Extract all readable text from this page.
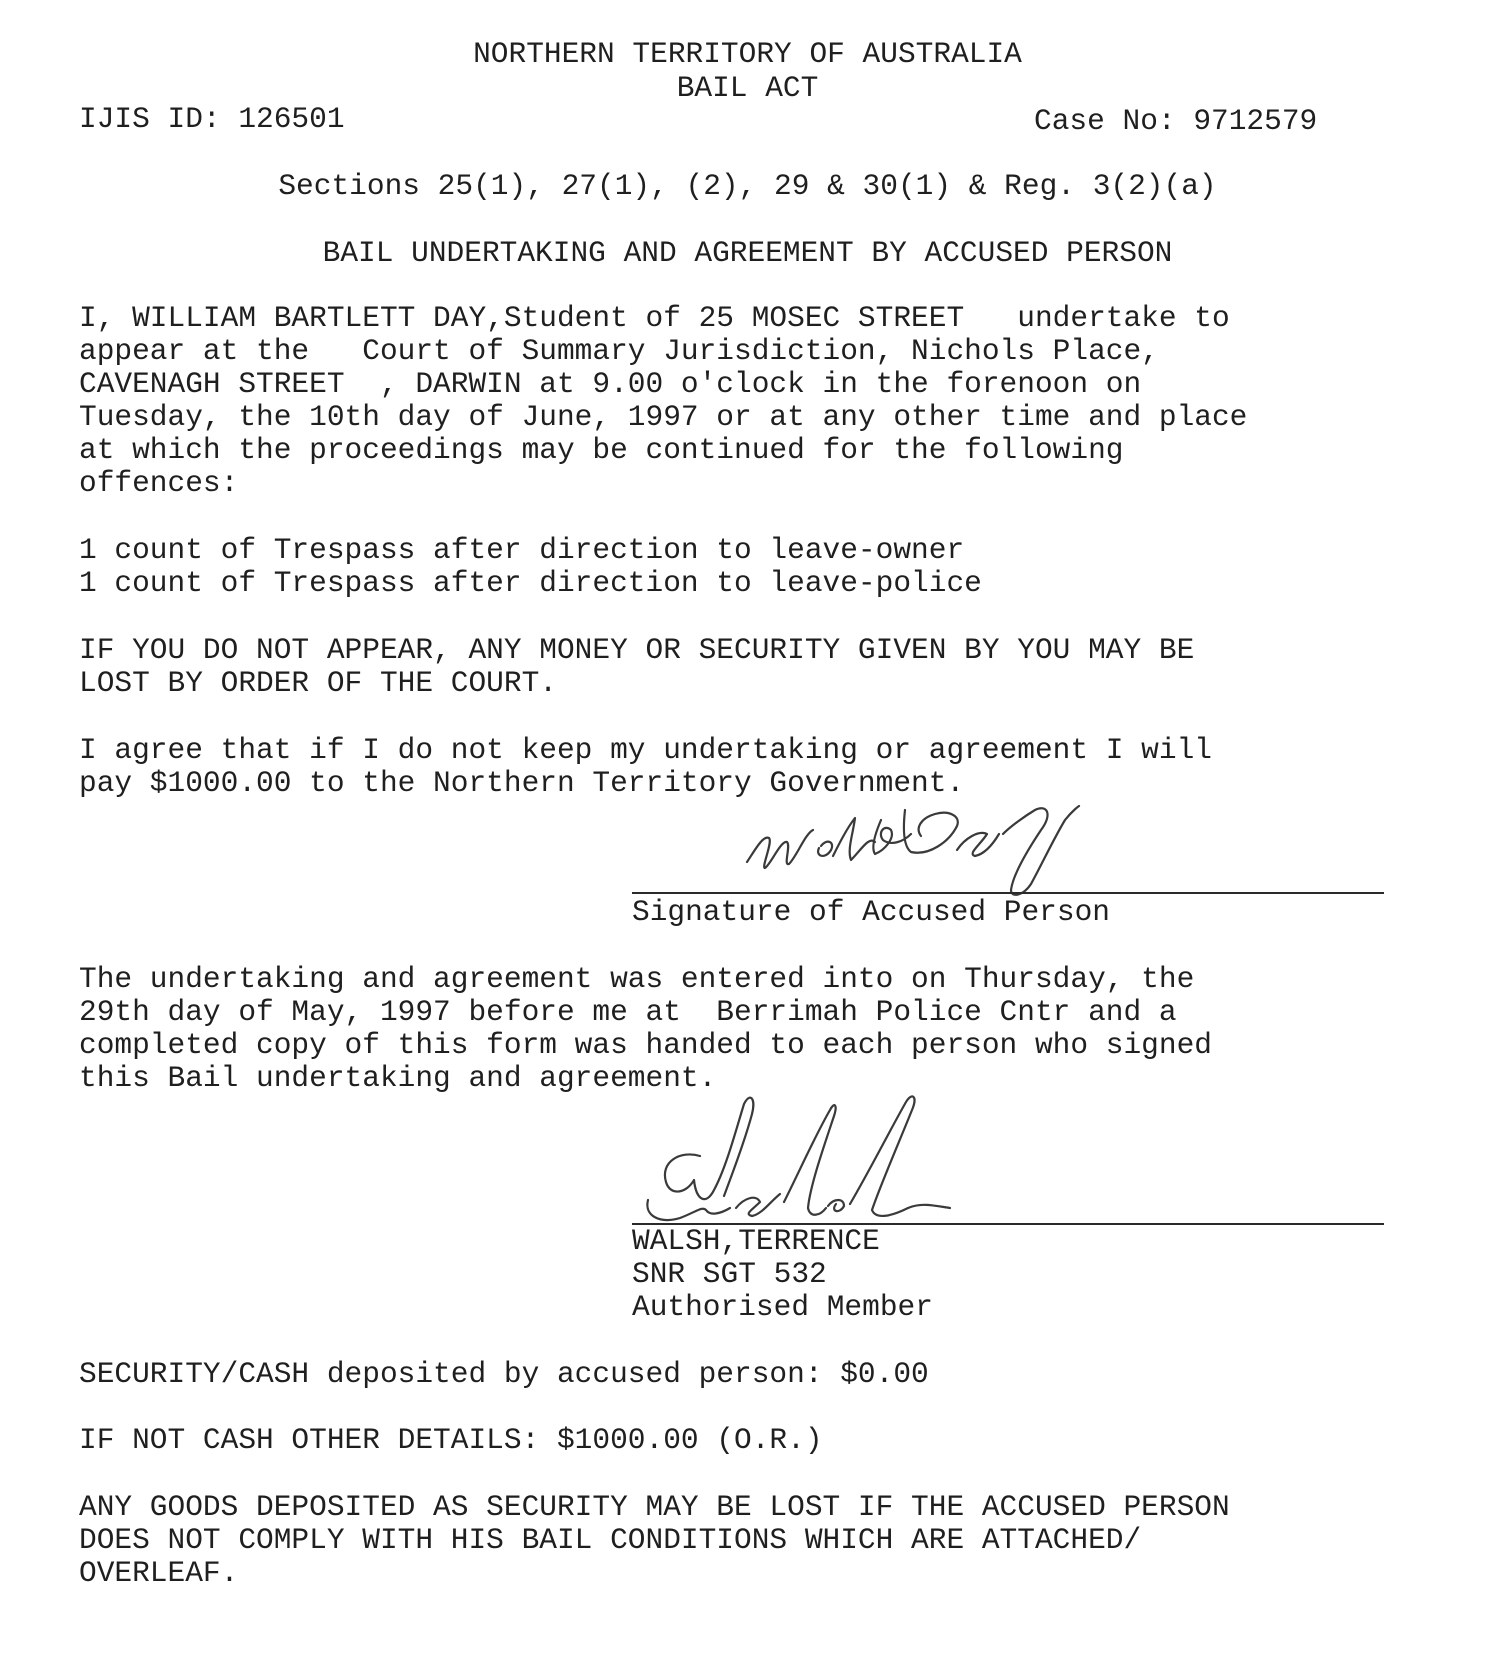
NORTHERN TERRITORY OF AUSTRALIA
BAIL ACT
IJIS ID: 126501	Case No: 9712579
Sections 25(1), 27(1), (2), 29 & 30(1) & Reg. 3(2)(a)
BAIL UNDERTAKING AND AGREEMENT BY ACCUSED PERSON
I, WILLIAM BARTLETT DAY,Student of 25 MOSEC STREET   undertake to
appear at the   Court of Summary Jurisdiction, Nichols Place,
CAVENAGH STREET  , DARWIN at 9.00 o'clock in the forenoon on
Tuesday, the 10th day of June, 1997 or at any other time and place
at which the proceedings may be continued for the following
offences:
1 count of Trespass after direction to leave-owner
1 count of Trespass after direction to leave-police
IF YOU DO NOT APPEAR, ANY MONEY OR SECURITY GIVEN BY YOU MAY BE
LOST BY ORDER OF THE COURT.
I agree that if I do not keep my undertaking or agreement I will
pay $1000.00 to the Northern Territory Government.
Signature of Accused Person
The undertaking and agreement was entered into on Thursday, the
29th day of May, 1997 before me at  Berrimah Police Cntr and a
completed copy of this form was handed to each person who signed
this Bail undertaking and agreement.
WALSH,TERRENCE
SNR SGT 532
Authorised Member
SECURITY/CASH deposited by accused person: $0.00
IF NOT CASH OTHER DETAILS: $1000.00 (O.R.)
ANY GOODS DEPOSITED AS SECURITY MAY BE LOST IF THE ACCUSED PERSON
DOES NOT COMPLY WITH HIS BAIL CONDITIONS WHICH ARE ATTACHED/
OVERLEAF.
